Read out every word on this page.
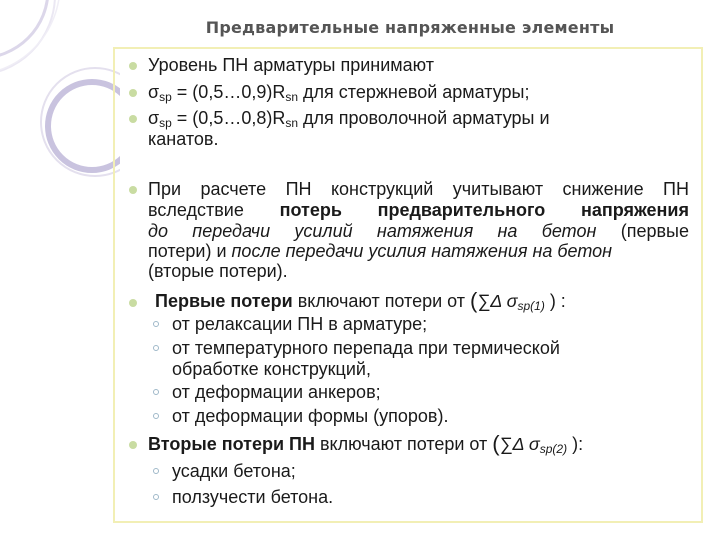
Предварительные напряженные элементы
Уровень ПН арматуры принимают
σsp = (0,5…0,9)Rsn для стержневой арматуры;
σsp = (0,5…0,8)Rsn для проволочной арматуры и
канатов.
При расчете ПН конструкций учитывают снижение ПН
вследствие потерь предварительного напряжения
до передачи усилий натяжения на бетон (первые
потери) и после передачи усилия натяжения на бетон
(вторые потери).
Первые потери включают потери от (∑Δ σsp(1) ) :
от релаксации ПН в арматуре;
от температурного перепада при термической
обработке конструкций,
от деформации анкеров;
от деформации формы (упоров).
Вторые потери ПН включают потери от (∑Δ σsp(2) ):
усадки бетона;
ползучести бетона.
